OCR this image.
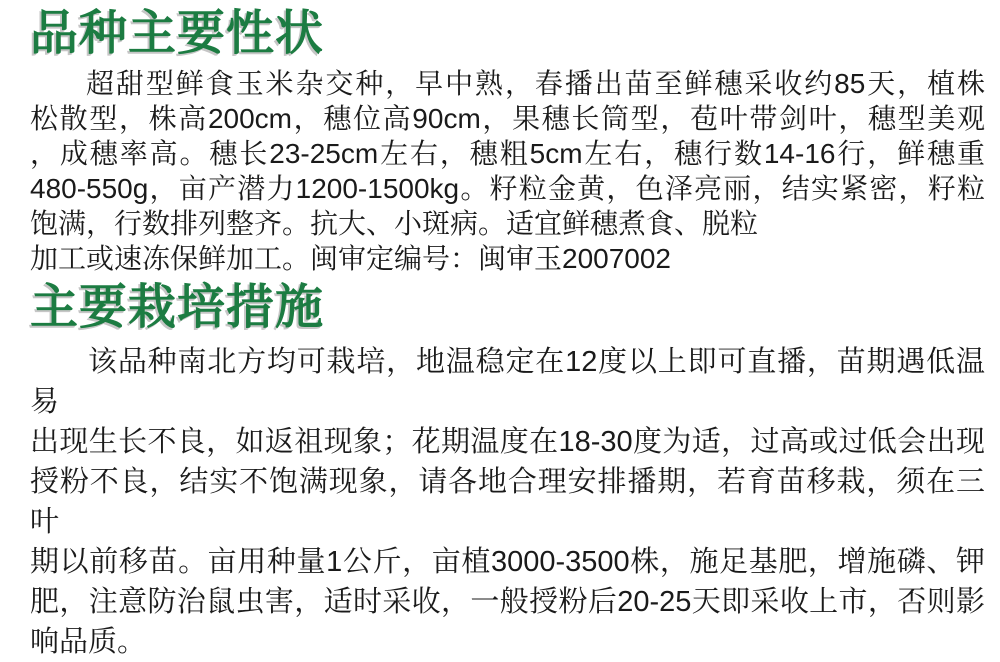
品种主要性状
超甜型鲜食玉米杂交种，早中熟，春播出苗至鲜穗采收约85天，植株
松散型，株高200cm，穗位高90cm，果穗长筒型，苞叶带剑叶，穗型美观
，成穗率高。穗长23-25cm左右，穗粗5cm左右，穗行数14-16行，鲜穗重
480-550g，亩产潜力1200-1500kg。籽粒金黄，色泽亮丽，结实紧密，籽粒
饱满，行数排列整齐。抗大、小斑病。适宜鲜穗煮食、脱粒
加工或速冻保鲜加工。闽审定编号：闽审玉2007002
主要栽培措施
该品种南北方均可栽培，地温稳定在12度以上即可直播，苗期遇低温易
出现生长不良，如返祖现象；花期温度在18-30度为适，过高或过低会出现
授粉不良，结实不饱满现象，请各地合理安排播期，若育苗移栽，须在三叶
期以前移苗。亩用种量1公斤，亩植3000-3500株，施足基肥，增施磷、钾
肥，注意防治鼠虫害，适时采收，一般授粉后20-25天即采收上市，否则影
响品质。
